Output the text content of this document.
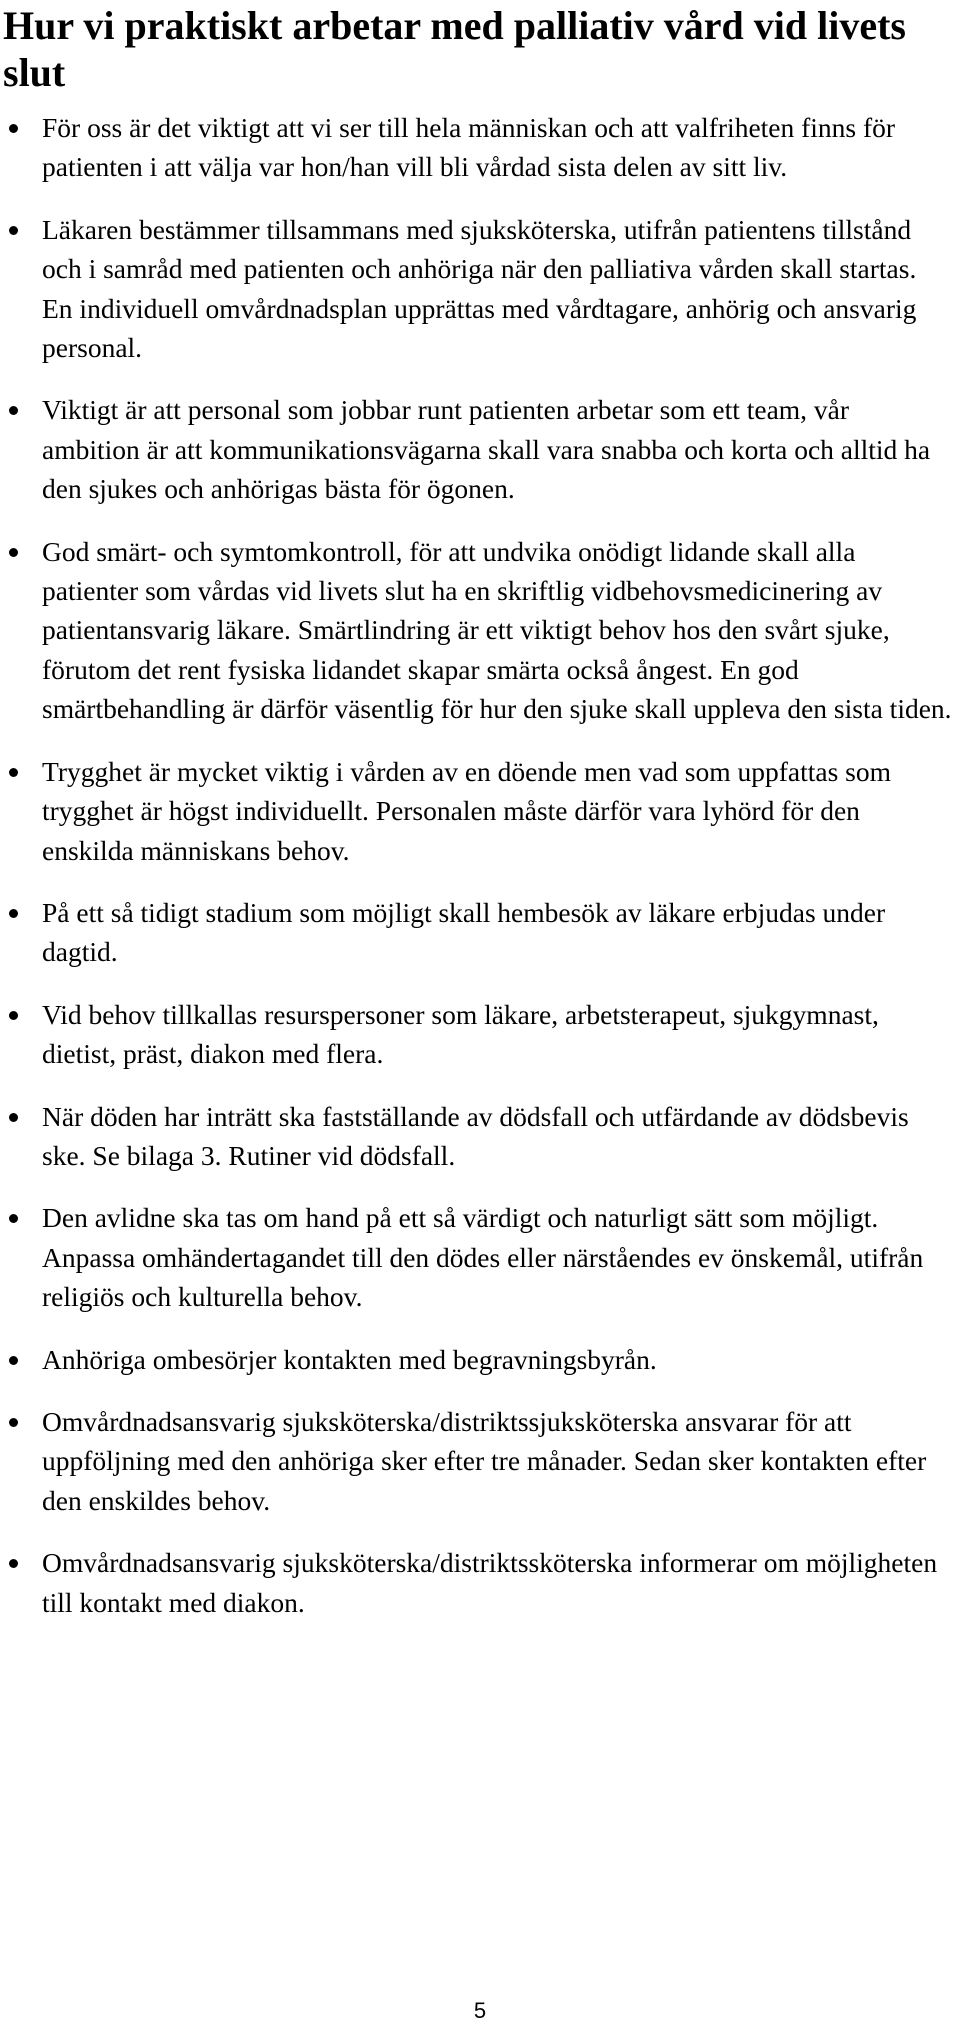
Hur vi praktiskt arbetar med palliativ vård vid livets slut
För oss är det viktigt att vi ser till hela människan och att valfriheten finns för patienten i att välja var hon/han vill bli vårdad sista delen av sitt liv.
Läkaren bestämmer tillsammans med sjuksköterska, utifrån patientens tillstånd och i samråd med patienten och anhöriga när den palliativa vården skall startas. En individuell omvårdnadsplan upprättas med vårdtagare, anhörig och ansvarig personal.
Viktigt är att personal som jobbar runt patienten arbetar som ett team, vår ambition är att kommunikationsvägarna skall vara snabba och korta och alltid ha den sjukes och anhörigas bästa för ögonen.
God smärt- och symtomkontroll, för att undvika onödigt lidande skall alla patienter som vårdas vid livets slut ha en skriftlig vidbehovsmedicinering av patientansvarig läkare. Smärtlindring är ett viktigt behov hos den svårt sjuke, förutom det rent fysiska lidandet skapar smärta också ångest. En god smärtbehandling är därför väsentlig för hur den sjuke skall uppleva den sista tiden.
Trygghet är mycket viktig i vården av en döende men vad som uppfattas som trygghet är högst individuellt. Personalen måste därför vara lyhörd för den enskilda människans behov.
På ett så tidigt stadium som möjligt skall hembesök av läkare erbjudas under dagtid.
Vid behov tillkallas resurspersoner som läkare, arbetsterapeut, sjukgymnast, dietist, präst, diakon med flera.
När döden har inträtt ska fastställande av dödsfall och utfärdande av dödsbevis ske. Se bilaga 3. Rutiner vid dödsfall.
Den avlidne ska tas om hand på ett så värdigt och naturligt sätt som möjligt. Anpassa omhändertagandet till den dödes eller närståendes ev önskemål, utifrån religiös och kulturella behov.
Anhöriga ombesörjer kontakten med begravningsbyrån.
Omvårdnadsansvarig sjuksköterska/distriktssjuksköterska ansvarar för att uppföljning med den anhöriga sker efter tre månader. Sedan sker kontakten efter den enskildes behov.
Omvårdnadsansvarig sjuksköterska/distriktssköterska informerar om möjligheten till kontakt med diakon.
5
